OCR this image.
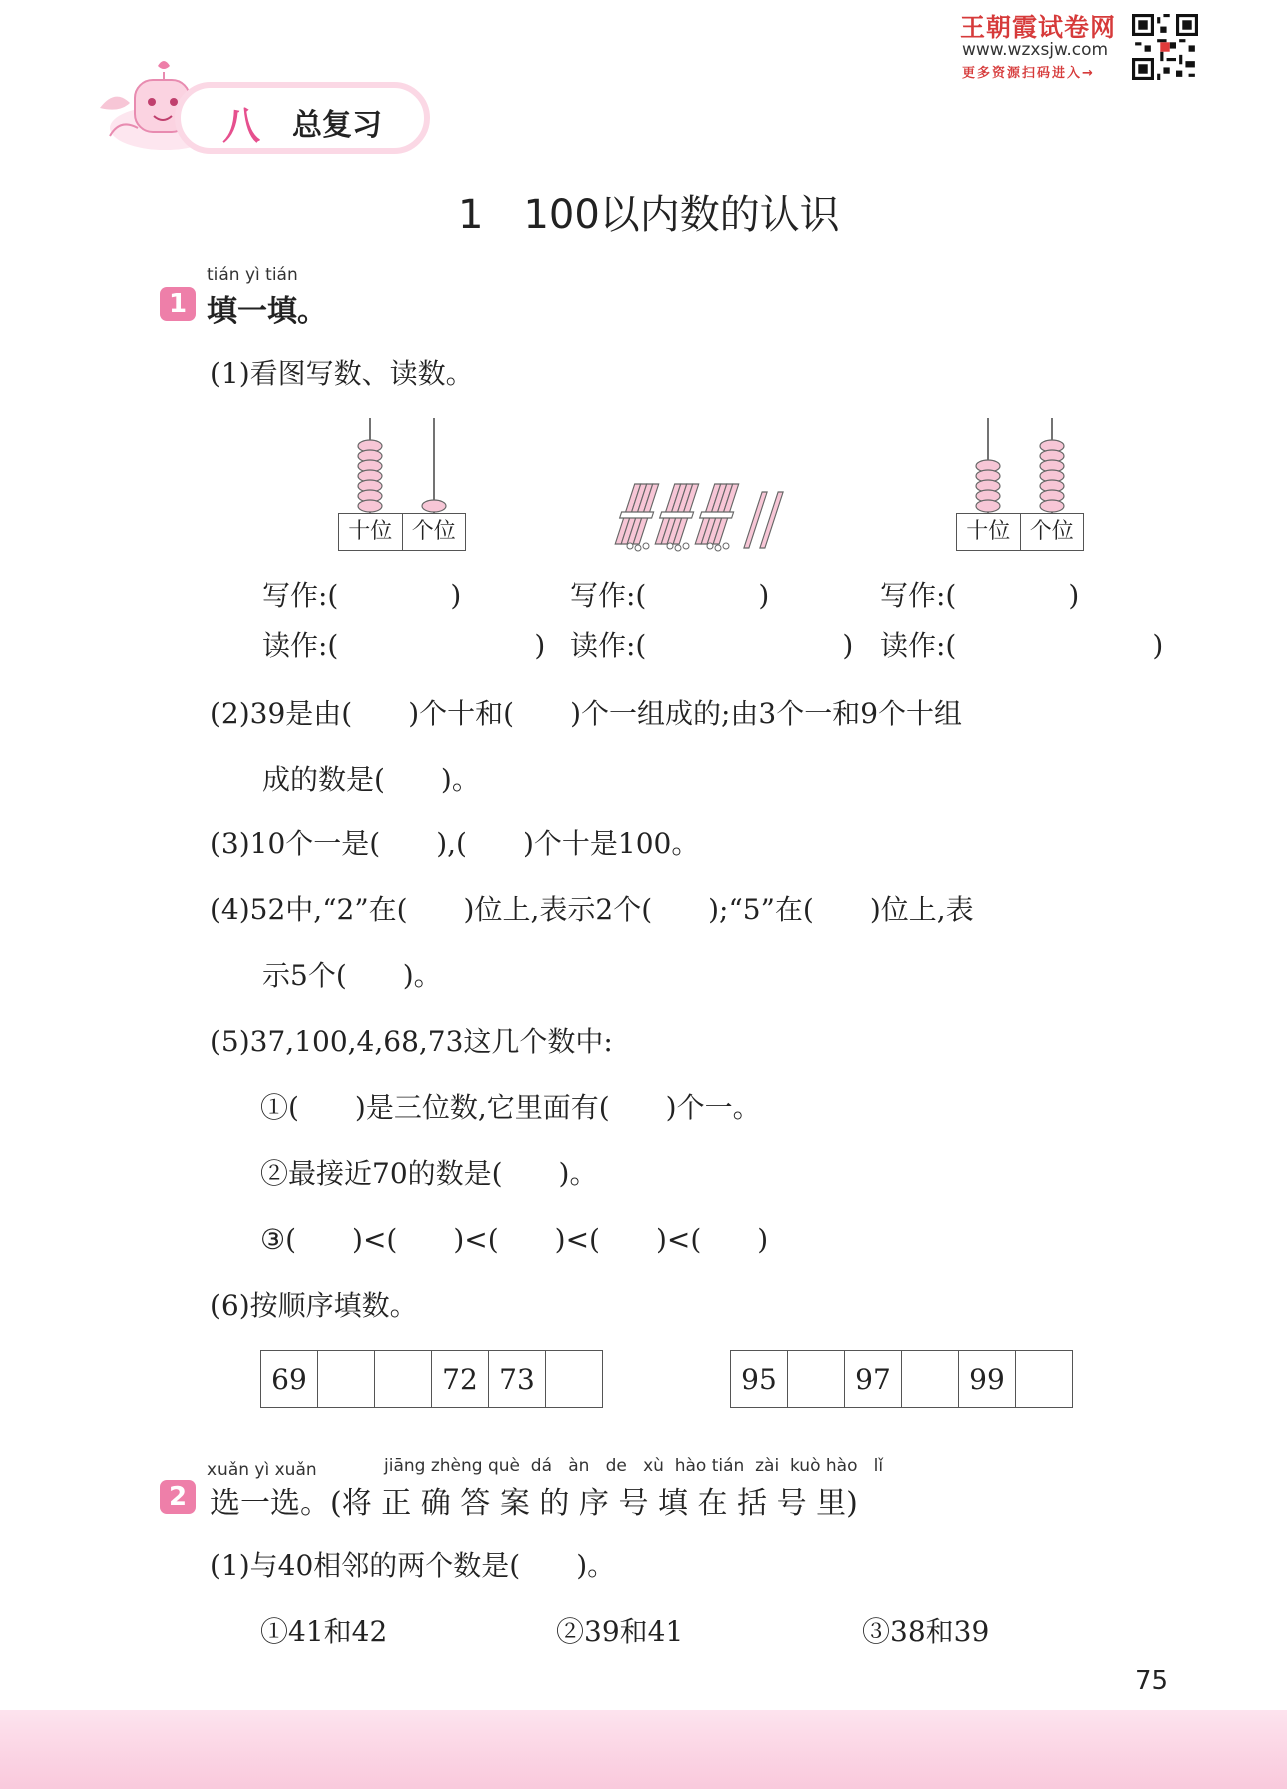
王朝霞试卷网
www.wzxsjw.com
更多资源扫码进入→
八 总复习
1　100以内数的认识
tián yì tián
1 填一填。
(1)看图写数、读数。
十位 个位	十位 个位
写作:(　　　　)
读作:(　　　　　　　)
写作:(　　　　)
读作:(　　　　　　　)
写作:(　　　　)
读作:(　　　　　　　)
(2)39是由(　　)个十和(　　)个一组成的;由3个一和9个十组
成的数是(　　)。
(3)10个一是(　　),(　　)个十是100。
(4)52中,“2”在(　　)位上,表示2个(　　);“5”在(　　)位上,表
示5个(　　)。
(5)37,100,4,68,73这几个数中:
①(　　)是三位数,它里面有(　　)个一。
②最接近70的数是(　　)。
③(　　)<(　　)<(　　)<(　　)<(　　)
(6)按顺序填数。
69			72	73		95		97		99	
xuǎn yì xuǎn	jiāng zhèng què  dá   àn   de   xù  hào tián  zài  kuò hào   lǐ
2 选一选。(将 正 确 答 案 的 序 号 填 在 括 号 里)
(1)与40相邻的两个数是(　　)。
①41和42	②39和41	③38和39
75
